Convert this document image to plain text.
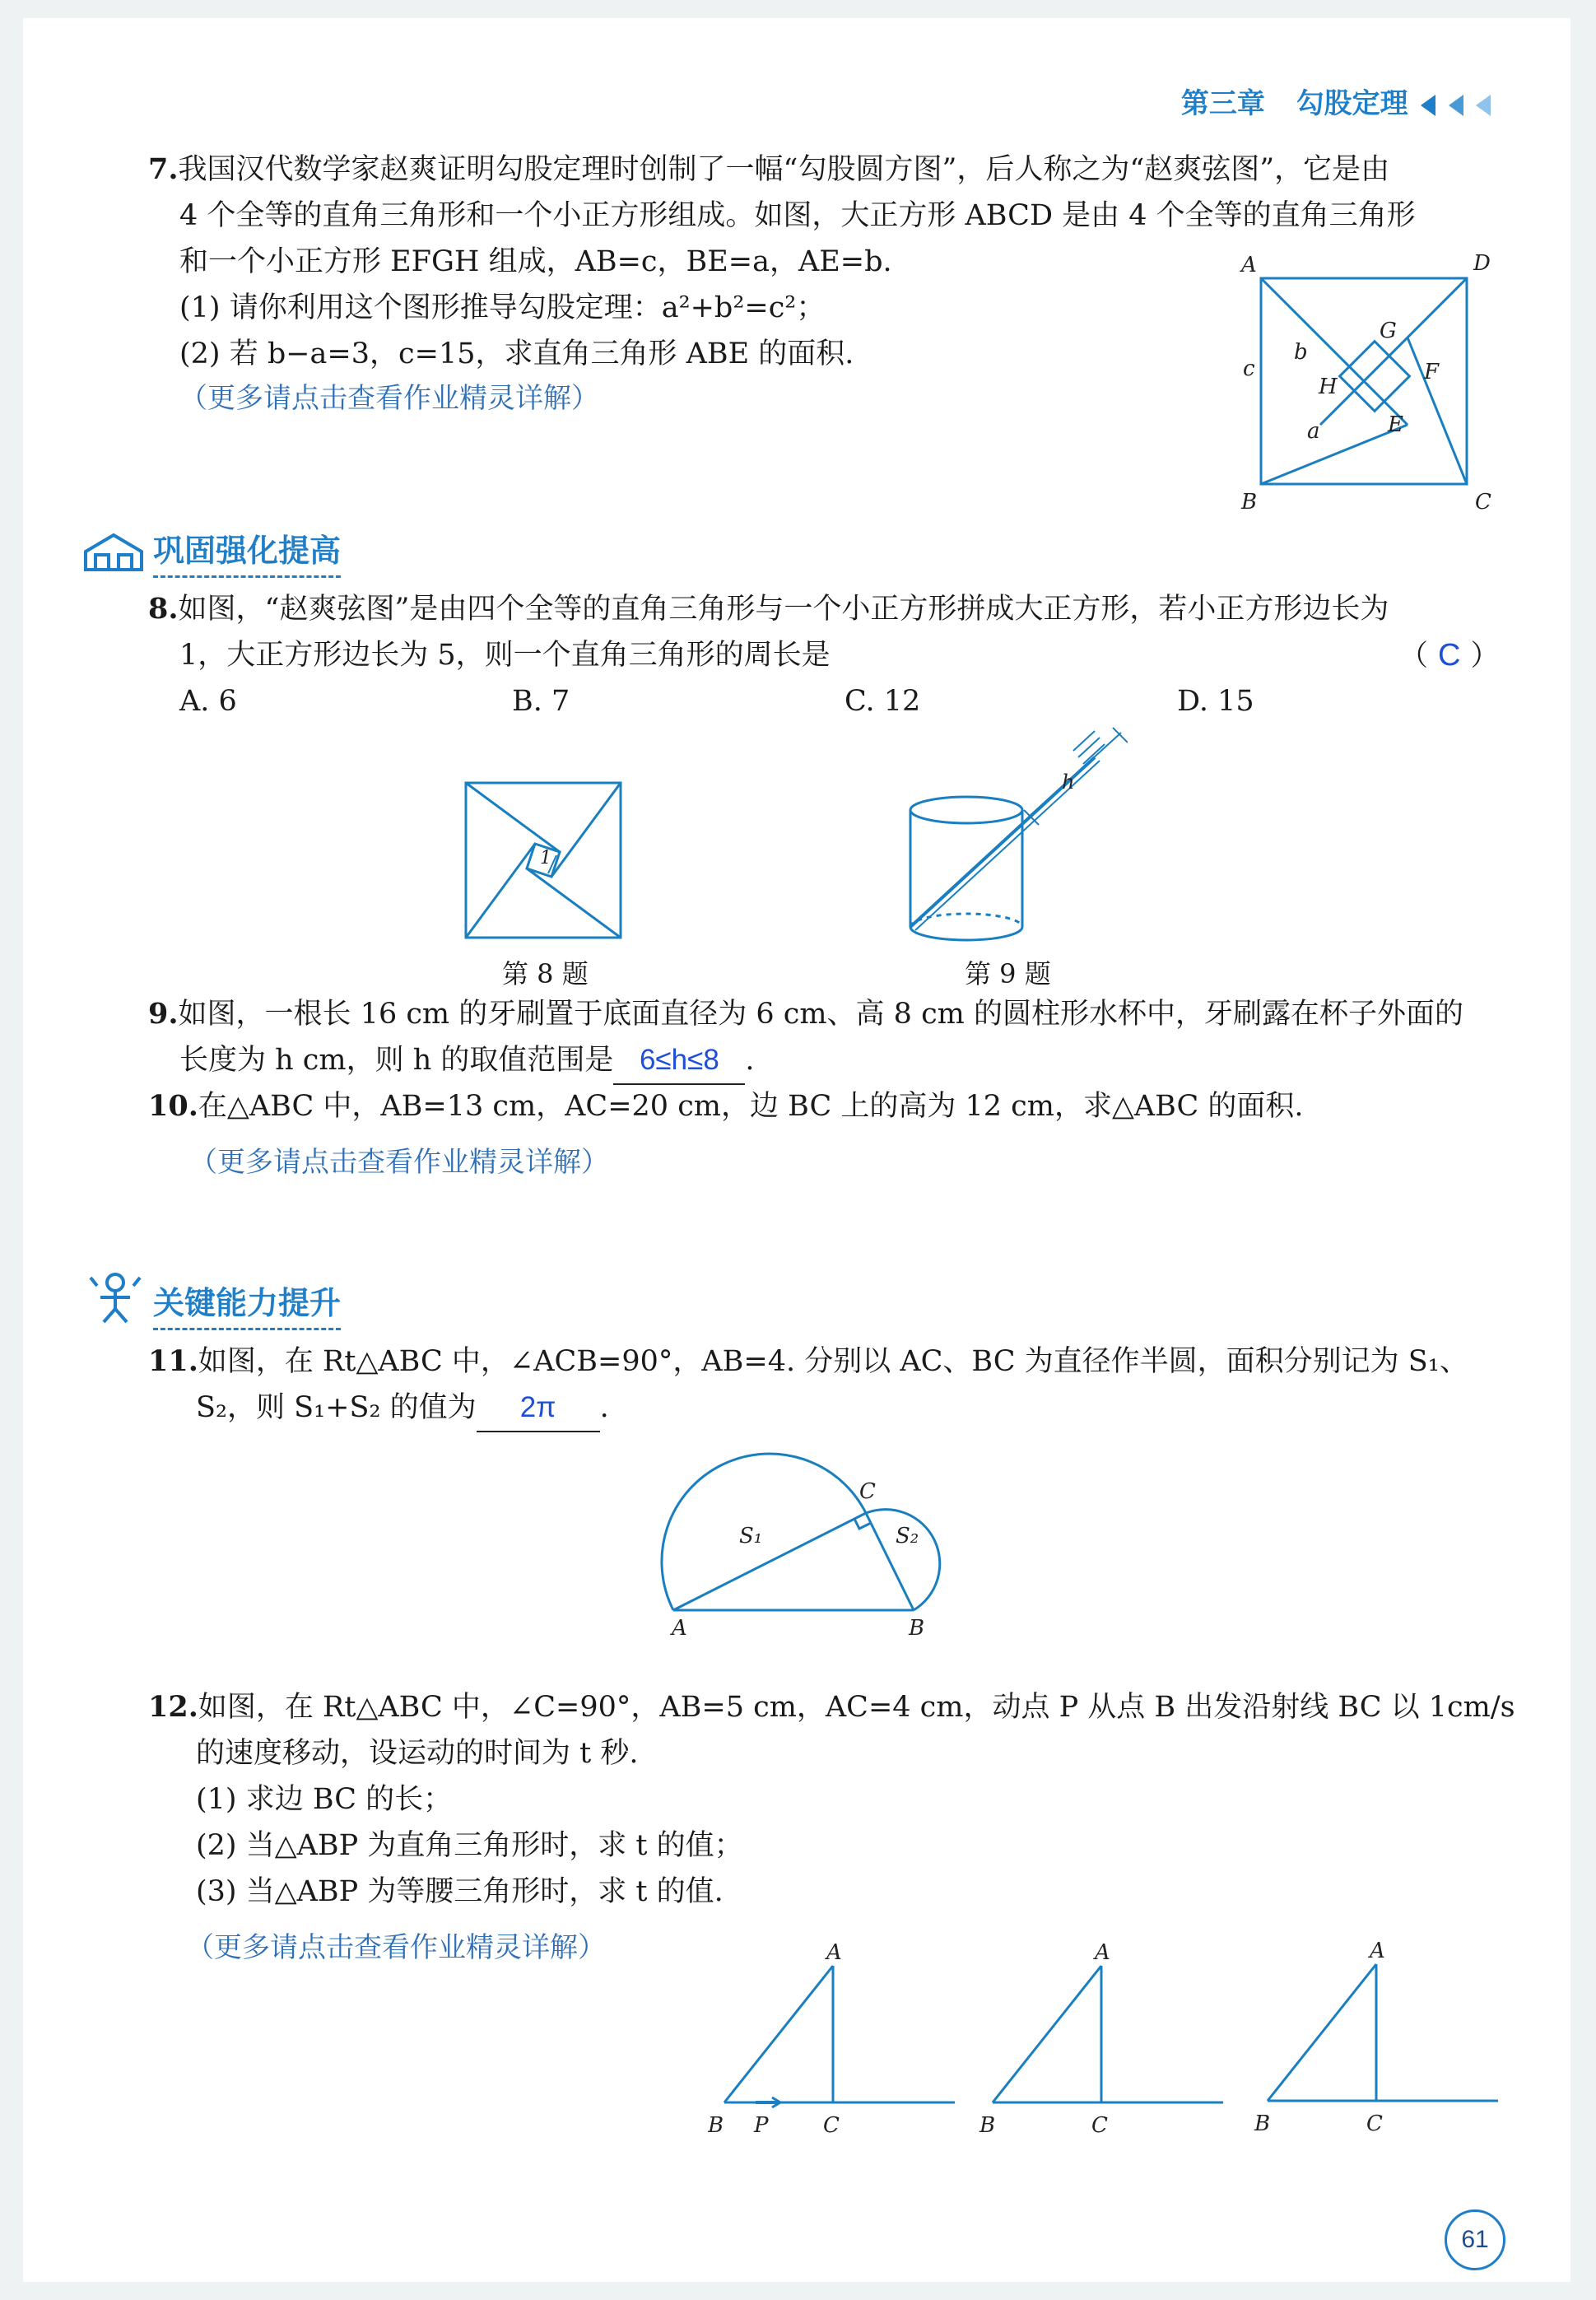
第三章 勾股定理
7.我国汉代数学家赵爽证明勾股定理时创制了一幅“勾股圆方图”，后人称之为“赵爽弦图”，它是由
4 个全等的直角三角形和一个小正方形组成。如图，大正方形 ABCD 是由 4 个全等的直角三角形
和一个小正方形 EFGH 组成，AB=c，BE=a，AE=b.
(1) 请你利用这个图形推导勾股定理：a²+b²=c²；
(2) 若 b−a=3，c=15，求直角三角形 ABE 的面积.
（更多请点击查看作业精灵详解）
A	D
B	C
G
F
H
E
c
b
a
巩固强化提高
8.如图，“赵爽弦图”是由四个全等的直角三角形与一个小正方形拼成大正方形，若小正方形边长为
1，大正方形边长为 5，则一个直角三角形的周长是	（ C ）
A. 6	B. 7	C. 12	D. 15
1
第 8 题
h
第 9 题
9.如图，一根长 16 cm 的牙刷置于底面直径为 6 cm、高 8 cm 的圆柱形水杯中，牙刷露在杯子外面的
长度为 h cm，则 h 的取值范围是 6≤h≤8 .
10.在△ABC 中，AB=13 cm，AC=20 cm，边 BC 上的高为 12 cm，求△ABC 的面积.
（更多请点击查看作业精灵详解）
关键能力提升
11.如图，在 Rt△ABC 中，∠ACB=90°，AB=4. 分别以 AC、BC 为直径作半圆，面积分别记为 S₁、
S₂，则 S₁+S₂ 的值为 2π .
A	B
C
S₁	S₂
12.如图，在 Rt△ABC 中，∠C=90°，AB=5 cm，AC=4 cm，动点 P 从点 B 出发沿射线 BC 以 1cm/s
的速度移动，设运动的时间为 t 秒.
(1) 求边 BC 的长；
(2) 当△ABP 为直角三角形时，求 t 的值；
(3) 当△ABP 为等腰三角形时，求 t 的值.
（更多请点击查看作业精灵详解）	A
B P	C
A
B	C
A
B	C
61
